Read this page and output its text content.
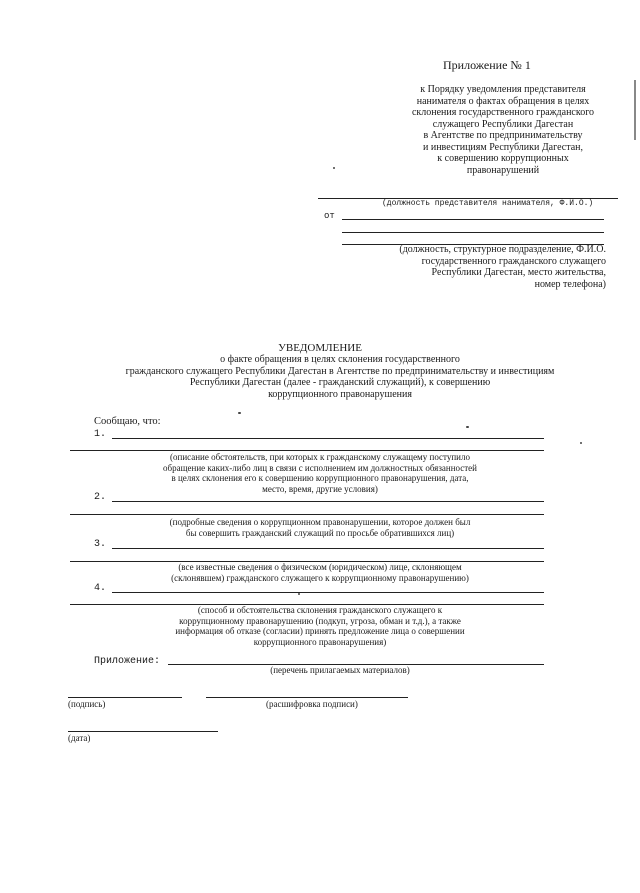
Приложение № 1
к Порядку уведомления представителя
нанимателя о фактах обращения в целях
склонения государственного гражданского
служащего Республики Дагестан
в Агентстве по предпринимательству
и инвестициям Республики Дагестан,
к совершению коррупционных
правонарушений
(должность представителя нанимателя, Ф.И.О.)
от
(должность, структурное подразделение, Ф.И.О.
государственного гражданского служащего
Республики Дагестан, место жительства,
номер телефона)
УВЕДОМЛЕНИЕ
о факте обращения в целях склонения государственного
гражданского служащего Республики Дагестан в Агентстве по предпринимательству и инвестициям
Республики Дагестан (далее - гражданский служащий), к совершению
коррупционного правонарушения
Сообщаю, что:
1.
(описание обстоятельств, при которых к гражданскому служащему поступило
обращение каких-либо лиц в связи с исполнением им должностных обязанностей
в целях склонения его к совершению коррупционного правонарушения, дата,
место, время, другие условия)
2.
(подробные сведения о коррупционном правонарушении, которое должен был
бы совершить гражданский служащий по просьбе обратившихся лиц)
3.
(все известные сведения о физическом (юридическом) лице, склоняющем
(склонявшем) гражданского служащего к коррупционному правонарушению)
4.
(способ и обстоятельства склонения гражданского служащего к
коррупционному правонарушению (подкуп, угроза, обман и т.д.), а также
информация об отказе (согласии) принять предложение лица о совершении
коррупционного правонарушения)
Приложение:
(перечень прилагаемых материалов)
(подпись)	(расшифровка подписи)
(дата)
